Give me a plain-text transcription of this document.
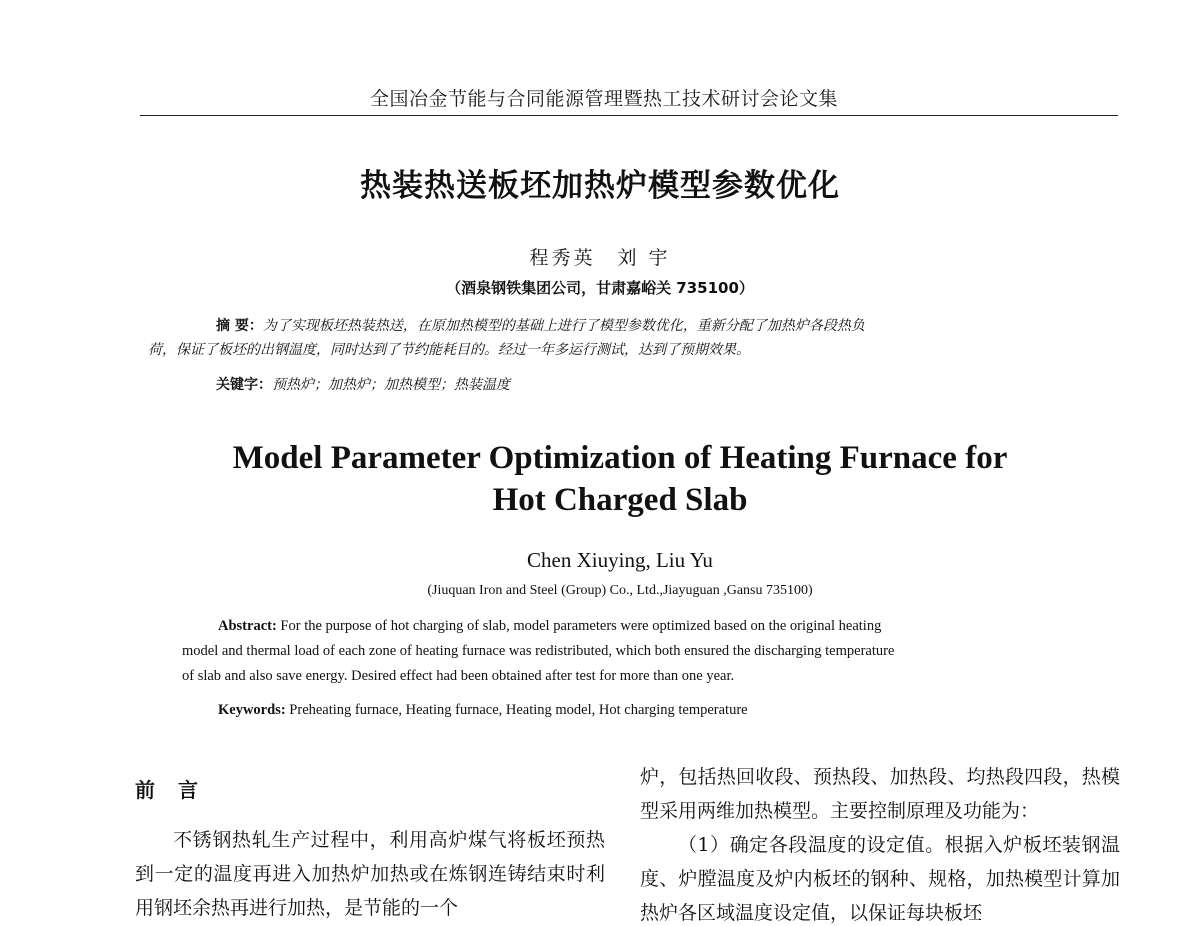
全国冶金节能与合同能源管理暨热工技术研讨会论文集
热装热送板坯加热炉模型参数优化
程秀英　刘 宇
（酒泉钢铁集团公司，甘肃嘉峪关 735100）
摘 要：为了实现板坯热装热送，在原加热模型的基础上进行了模型参数优化，重新分配了加热炉各段热负
荷，保证了板坯的出钢温度，同时达到了节约能耗目的。经过一年多运行测试，达到了预期效果。
关键字：预热炉；加热炉；加热模型；热装温度
Model Parameter Optimization of Heating Furnace for
Hot Charged Slab
Chen Xiuying, Liu Yu
(Jiuquan Iron and Steel (Group) Co., Ltd.,Jiayuguan ,Gansu 735100)
Abstract: For the purpose of hot charging of slab, model parameters were optimized based on the original heating
model and thermal load of each zone of heating furnace was redistributed, which both ensured the discharging temperature
of slab and also save energy. Desired effect had been obtained after test for more than one year.
Keywords: Preheating furnace, Heating furnace, Heating model, Hot charging temperature
前 言

不锈钢热轧生产过程中，利用高炉煤气将板坯预热到一定的温度再进入加热炉加热或在炼钢连铸结束时利用钢坯余热再进行加热，是节能的一个

炉，包括热回收段、预热段、加热段、均热段四段，热模型采用两维加热模型。主要控制原理及功能为：

（1）确定各段温度的设定值。根据入炉板坯装钢温度、炉膛温度及炉内板坯的钢种、规格，加热模型计算加热炉各区域温度设定值，以保证每块板坯
